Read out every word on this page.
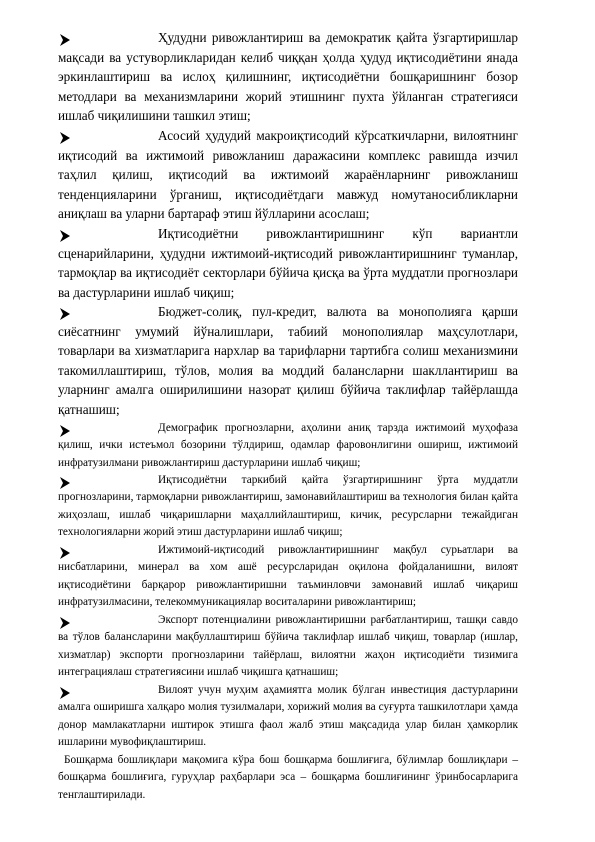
Ҳудудни ривожлантириш ва демократик қайта ўзгартиришлар мақсади ва устуворликларидан келиб чиққан ҳолда ҳудуд иқтисодиётини янада эркинлаштириш ва ислоҳ қилишнинг, иқтисодиётни бошқаришнинг бозор методлари ва механизмларини жорий этишнинг пухта ўйланган стратегияси ишлаб чиқилишини ташкил этиш;
Асосий ҳудудий макроиқтисодий кўрсаткичларни, вилоятнинг иқтисодий ва ижтимоий ривожланиш даражасини комплекс равишда изчил таҳлил қилиш, иқтисодий ва ижтимоий жараёнларнинг ривожланиш тенденцияларини ўрганиш, иқтисодиётдаги мавжуд номутаносибликларни аниқлаш ва уларни бартараф этиш йўлларини асослаш;
Иқтисодиётни ривожлантиришнинг кўп вариантли сценарийларини, ҳудудни ижтимоий-иқтисодий ривожлантиришнинг туманлар, тармоқлар ва иқтисодиёт секторлари бўйича қисқа ва ўрта муддатли прогнозлари ва дастурларини ишлаб чиқиш;
Бюджет-солиқ, пул-кредит, валюта ва монополияга қарши сиёсатнинг умумий йўналишлари, табиий монополиялар маҳсулотлари, товарлари ва хизматларига нархлар ва тарифларни тартибга солиш механизмини такомиллаштириш, тўлов, молия ва моддий балансларни шакллантириш ва уларнинг амалга оширилишини назорат қилиш бўйича таклифлар тайёрлашда қатнашиш;
Демографик прогнозларни, аҳолини аниқ тарзда ижтимоий муҳофаза қилиш, ички истеъмол бозорини тўлдириш, одамлар фаровонлигини ошириш, ижтимоий инфратузилмани ривожлантириш дастурларини ишлаб чиқиш;
Иқтисодиётни таркибий қайта ўзгартиришнинг ўрта муддатли прогнозларини, тармоқларни ривожлантириш, замонавийлаштириш ва технология билан қайта жиҳозлаш, ишлаб чиқаришларни маҳаллийлаштириш, кичик, ресурсларни тежайдиган технологияларни жорий этиш дастурларини ишлаб чиқиш;
Ижтимоий-иқтисодий ривожлантиришнинг мақбул сурьатлари ва нисбатларини, минерал ва хом ашё ресурсларидан оқилона фойдаланишни, вилоят иқтисодиётини барқарор ривожлантиришни таъминловчи замонавий ишлаб чиқариш инфратузилмасини, телекоммуникациялар воситаларини ривожлантириш;
Экспорт потенциалини ривожлантиришни рағбатлантириш, ташқи савдо ва тўлов балансларини мақбуллаштириш бўйича таклифлар ишлаб чиқиш, товарлар (ишлар, хизматлар) экспорти прогнозларини тайёрлаш, вилоятни жаҳон иқтисодиёти тизимига интеграциялаш стратегиясини ишлаб чиқишга қатнашиш;
Вилоят учун муҳим аҳамиятга молик бўлган инвестиция дастурларини амалга оширишга халқаро молия тузилмалари, хорижий молия ва суғурта ташкилотлари ҳамда донор мамлакатларни иштирок этишга фаол жалб этиш мақсадида улар билан ҳамкорлик ишларини мувофиқлаштириш.
Бошқарма бошлиқлари мақомига кўра бош бошқарма бошлиғига, бўлимлар бошлиқлари – бошқарма бошлиғига, гуруҳлар раҳбарлари эса – бошқарма бошлиғининг ўринбосарларига тенглаштирилади.
